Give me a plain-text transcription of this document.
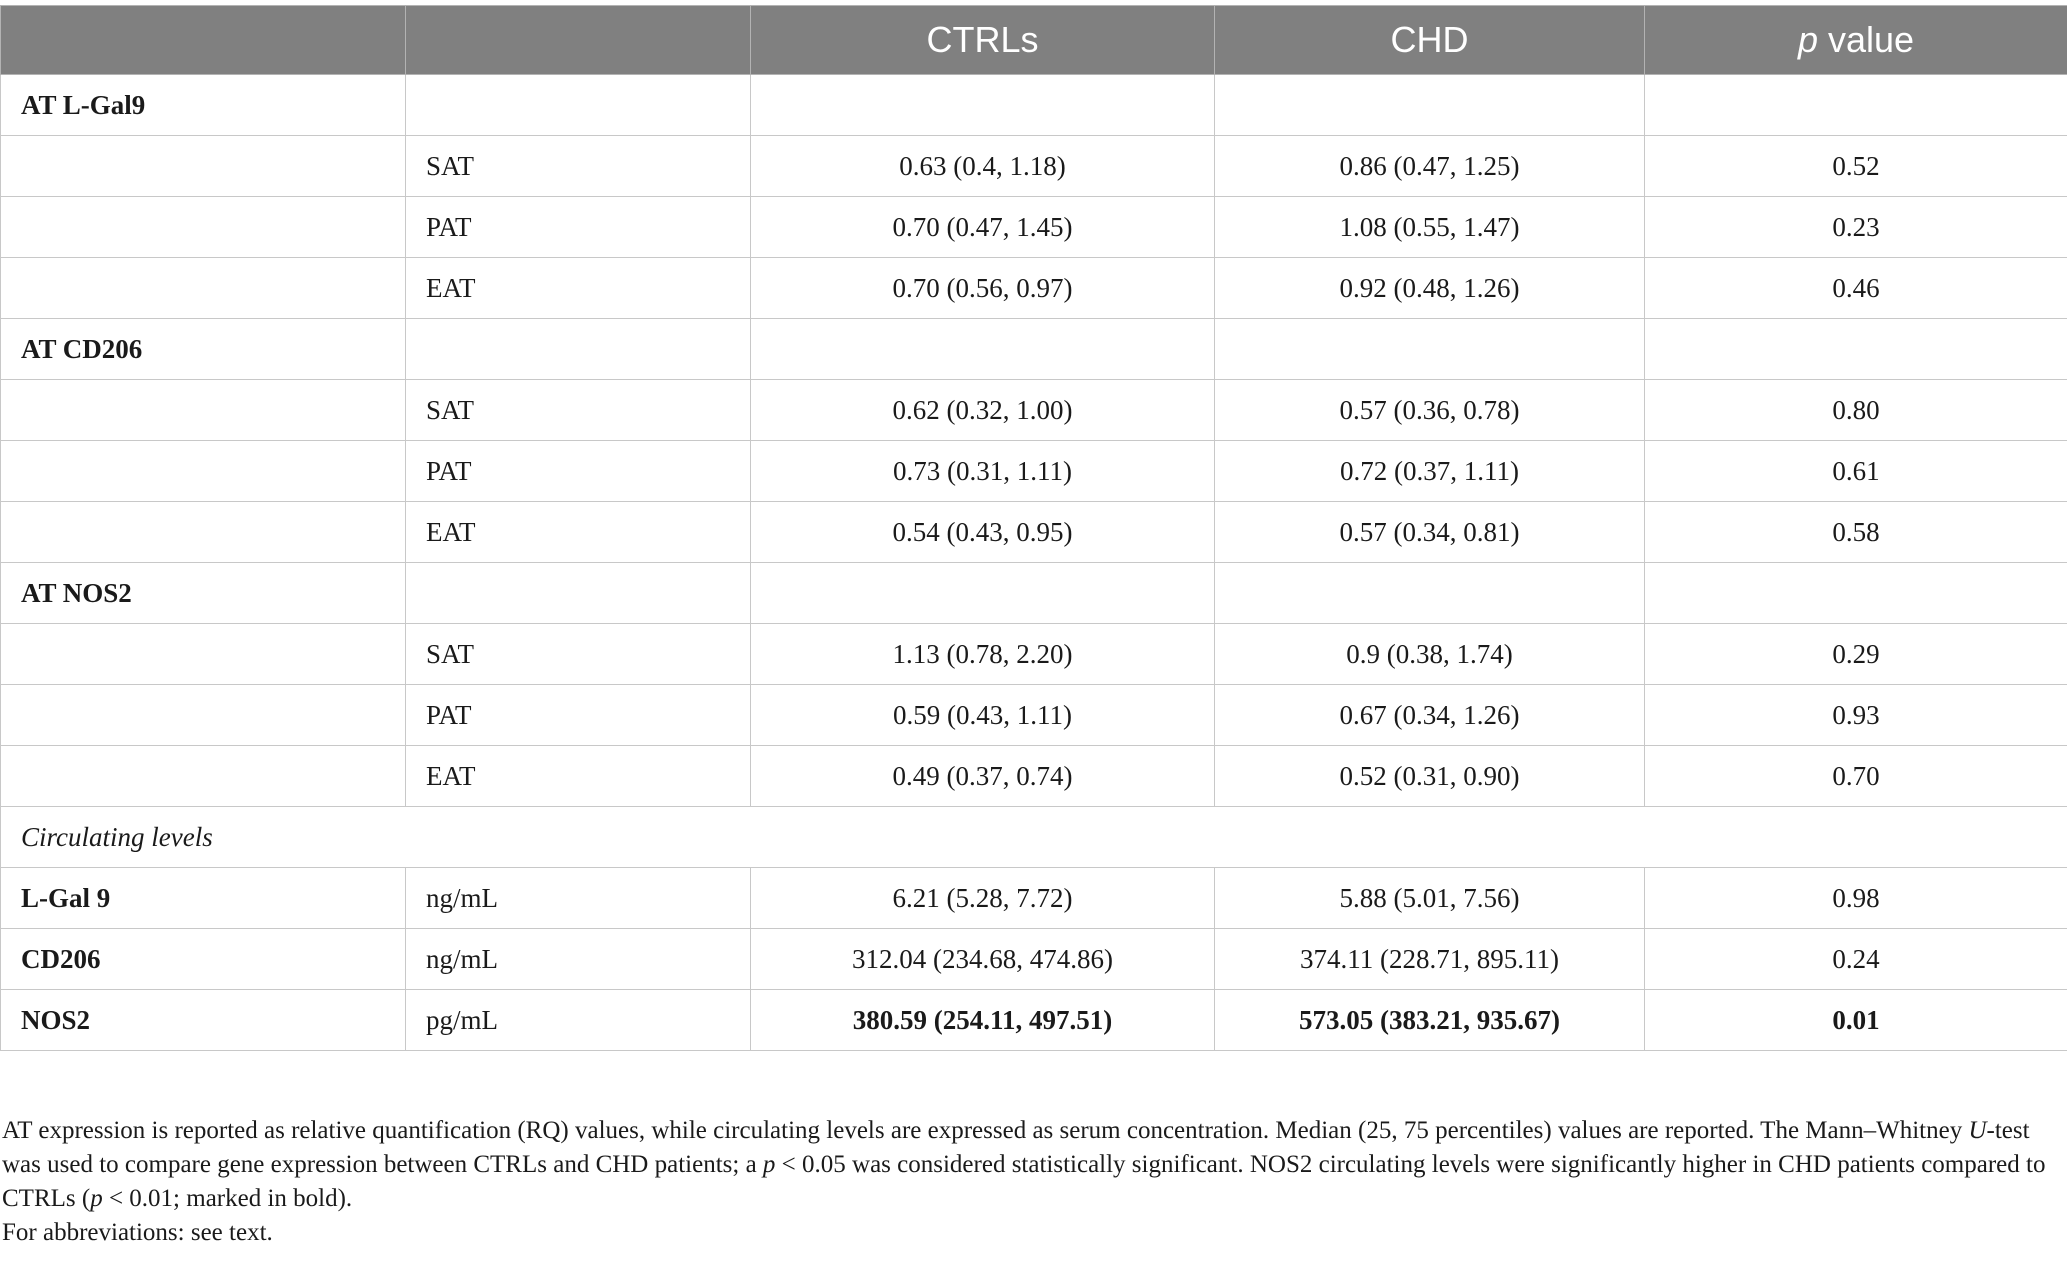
		CTRLs	CHD	p value
AT L-Gal9				
	SAT	0.63 (0.4, 1.18)	0.86 (0.47, 1.25)	0.52
	PAT	0.70 (0.47, 1.45)	1.08 (0.55, 1.47)	0.23
	EAT	0.70 (0.56, 0.97)	0.92 (0.48, 1.26)	0.46
AT CD206				
	SAT	0.62 (0.32, 1.00)	0.57 (0.36, 0.78)	0.80
	PAT	0.73 (0.31, 1.11)	0.72 (0.37, 1.11)	0.61
	EAT	0.54 (0.43, 0.95)	0.57 (0.34, 0.81)	0.58
AT NOS2				
	SAT	1.13 (0.78, 2.20)	0.9 (0.38, 1.74)	0.29
	PAT	0.59 (0.43, 1.11)	0.67 (0.34, 1.26)	0.93
	EAT	0.49 (0.37, 0.74)	0.52 (0.31, 0.90)	0.70
Circulating levels				
L-Gal 9	ng/mL	6.21 (5.28, 7.72)	5.88 (5.01, 7.56)	0.98
CD206	ng/mL	312.04 (234.68, 474.86)	374.11 (228.71, 895.11)	0.24
NOS2	pg/mL	380.59 (254.11, 497.51)	573.05 (383.21, 935.67)	0.01

AT expression is reported as relative quantification (RQ) values, while circulating levels are expressed as serum concentration. Median (25, 75 percentiles) values are reported. The Mann–Whitney U-test was used to compare gene expression between CTRLs and CHD patients; a p < 0.05 was considered statistically significant. NOS2 circulating levels were significantly higher in CHD patients compared to CTRLs (p < 0.01; marked in bold).
For abbreviations: see text.
